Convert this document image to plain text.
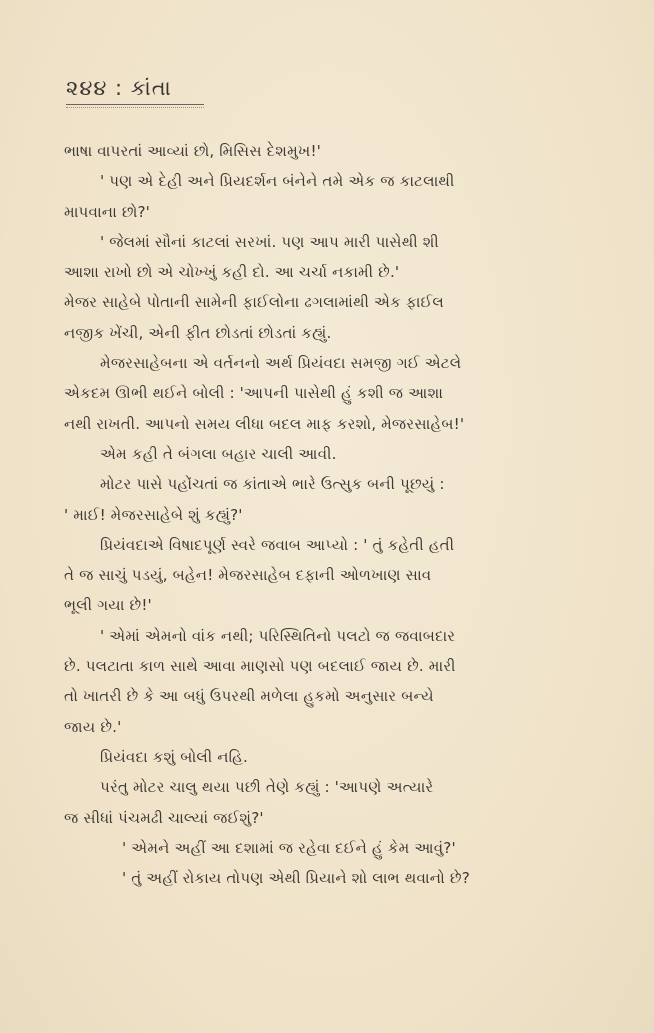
૨૪૪ : કાંતા
ભાષા વાપરતાં આવ્યાં છો, મિસિસ દેશમુખ!'
' પણ એ દેહી અને પ્રિયદર્શન બંનેને તમે એક જ કાટલાથી
માપવાના છો?'
' જેલમાં સૌનાં કાટલાં સરખાં. પણ આપ મારી પાસેથી શી
આશા રાખો છો એ ચોખ્ખું કહી દો. આ ચર્ચા નકામી છે.'
મેજર સાહેબે પોતાની સામેની ફાઈલોના ઢગલામાંથી એક ફાઈલ
નજીક ખેંચી, એની ફીત છોડતાં છોડતાં કહ્યું.
મેજરસાહેબના એ વર્તનનો અર્થ પ્રિયંવદા સમજી ગઈ એટલે
એકદમ ઊભી થઈને બોલી : 'આપની પાસેથી હું કશી જ આશા
નથી રાખતી. આપનો સમય લીધા બદલ માફ કરશો, મેજરસાહેબ!'
એમ કહી તે બંગલા બહાર ચાલી આવી.
મોટર પાસે પહોંચતાં જ કાંતાએ ભારે ઉત્સુક બની પૂછયું :
' માઈ! મેજરસાહેબે શું કહ્યું?'
પ્રિયંવદાએ વિષાદપૂર્ણ સ્વરે જવાબ આપ્યો : ' તું કહેતી હતી
તે જ સાચું પડયું, બહેન! મેજરસાહેબ દફાની ઓળખાણ સાવ
ભૂલી ગયા છે!'
' એમાં એમનો વાંક નથી; પરિસ્થિતિનો પલટો જ જવાબદાર
છે. પલટાતા કાળ સાથે આવા માણસો પણ બદલાઈ જાય છે. મારી
તો ખાતરી છે કે આ બધું ઉપરથી મળેલા હુકમો અનુસાર બન્યે
જાય છે.'
પ્રિયંવદા કશું બોલી નહિ.
પરંતુ મોટર ચાલુ થયા પછી તેણે કહ્યું : 'આપણે અત્યારે
જ સીધાં પંચમઢી ચાલ્યાં જઈશું?'
' એમને અહીં આ દશામાં જ રહેવા દઈને હું કેમ આવું?'
' તું અહીં રોકાય તોપણ એથી પ્રિયાને શો લાભ થવાનો છે?
